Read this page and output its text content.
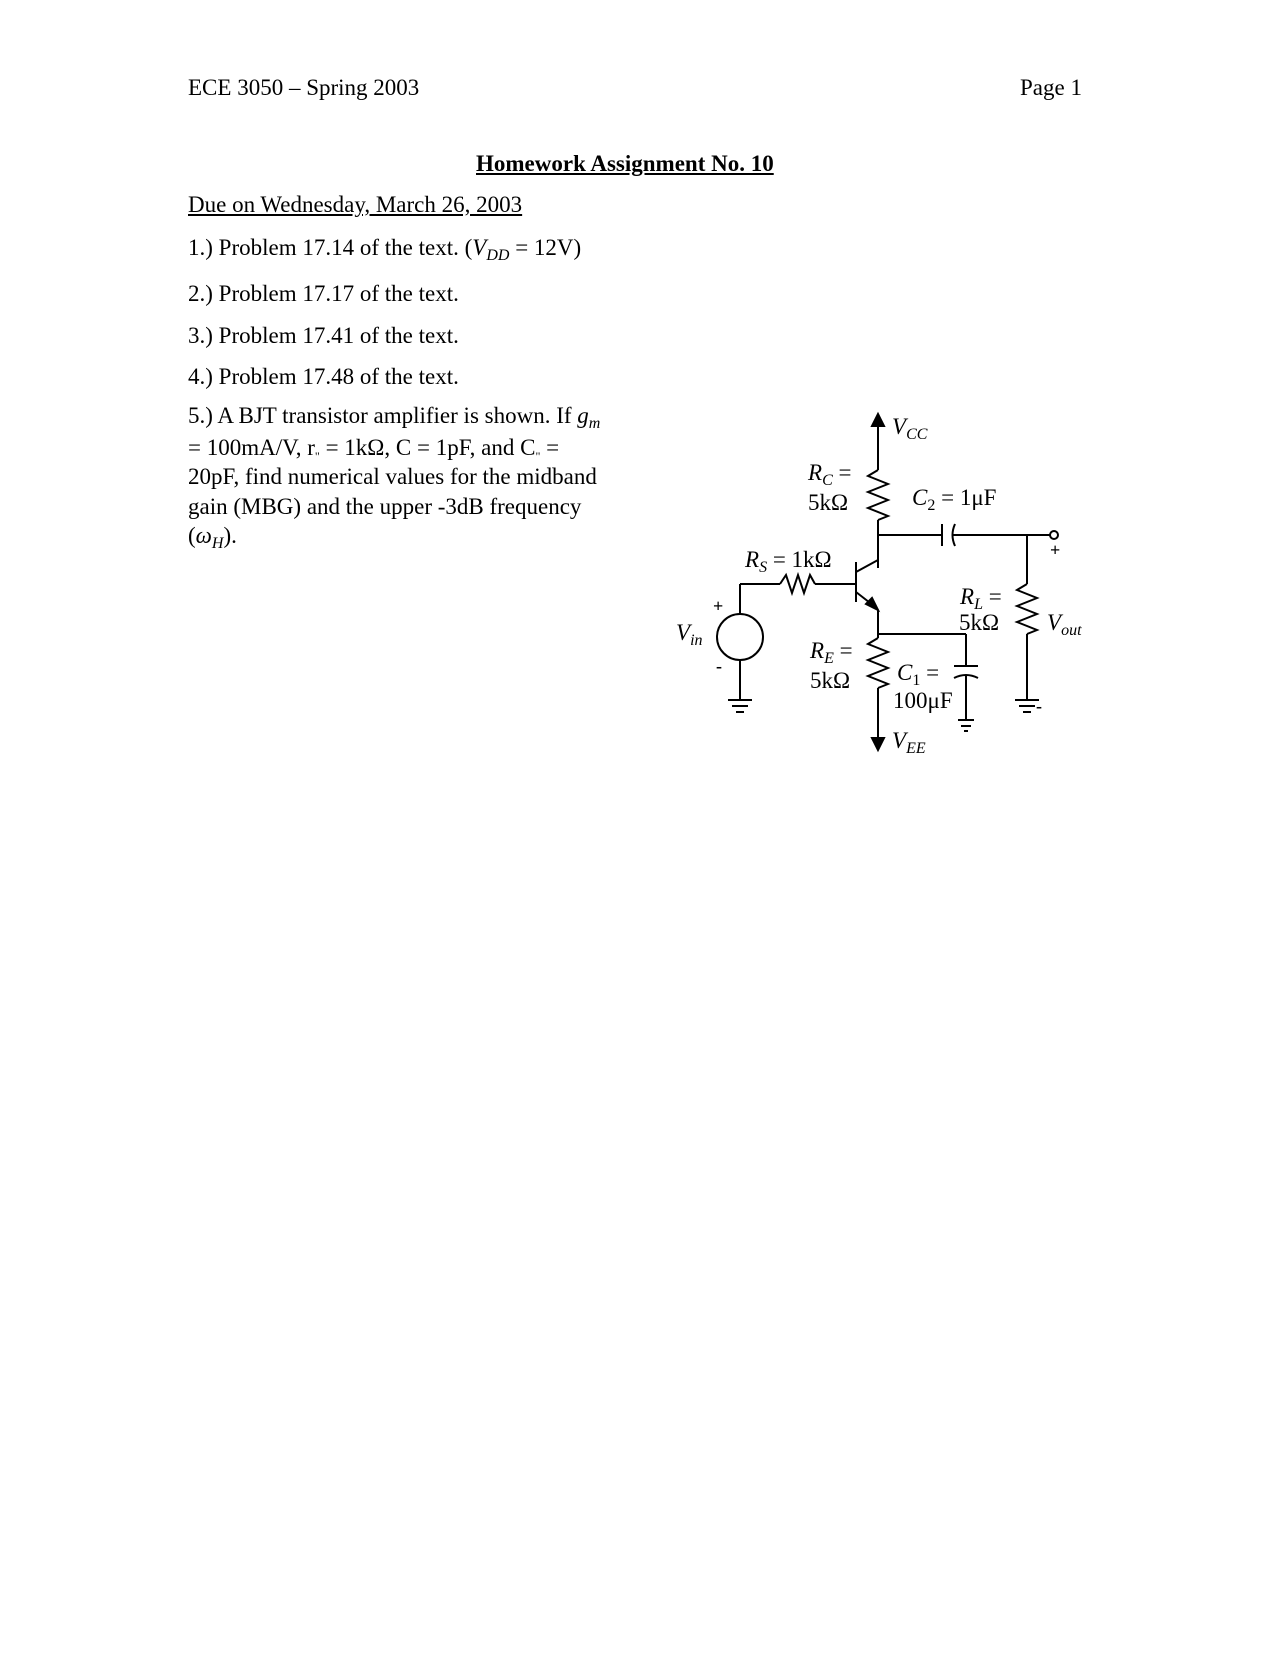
ECE 3050 – Spring 2003	Page 1
Homework Assignment No. 10
Due on Wednesday, March 26, 2003
1.) Problem 17.14 of the text. $(V_{DD} = 12V)$
2.) Problem 17.17 of the text.
3.) Problem 17.41 of the text.
4.) Problem 17.48 of the text.
5.) A BJT transistor amplifier is shown. If $g_m$
= 100mA/V, $r_" = 1k\Omega$, C = 1pF, and $C_"$ =
20pF, find numerical values for the midband
gain (MBG) and the upper -3dB frequency
$(\omega_H)$.
$V_{CC}$
$R_C$ =
5kΩ	$C_2 = 1\mu F$
+
$R_S = 1k\Omega$
$R_L$ =
5kΩ $V_{out}$
-
$V_{in}$
+
-
$R_E$ =
5kΩ $C_1$ =
100μF
$V_{EE}$
